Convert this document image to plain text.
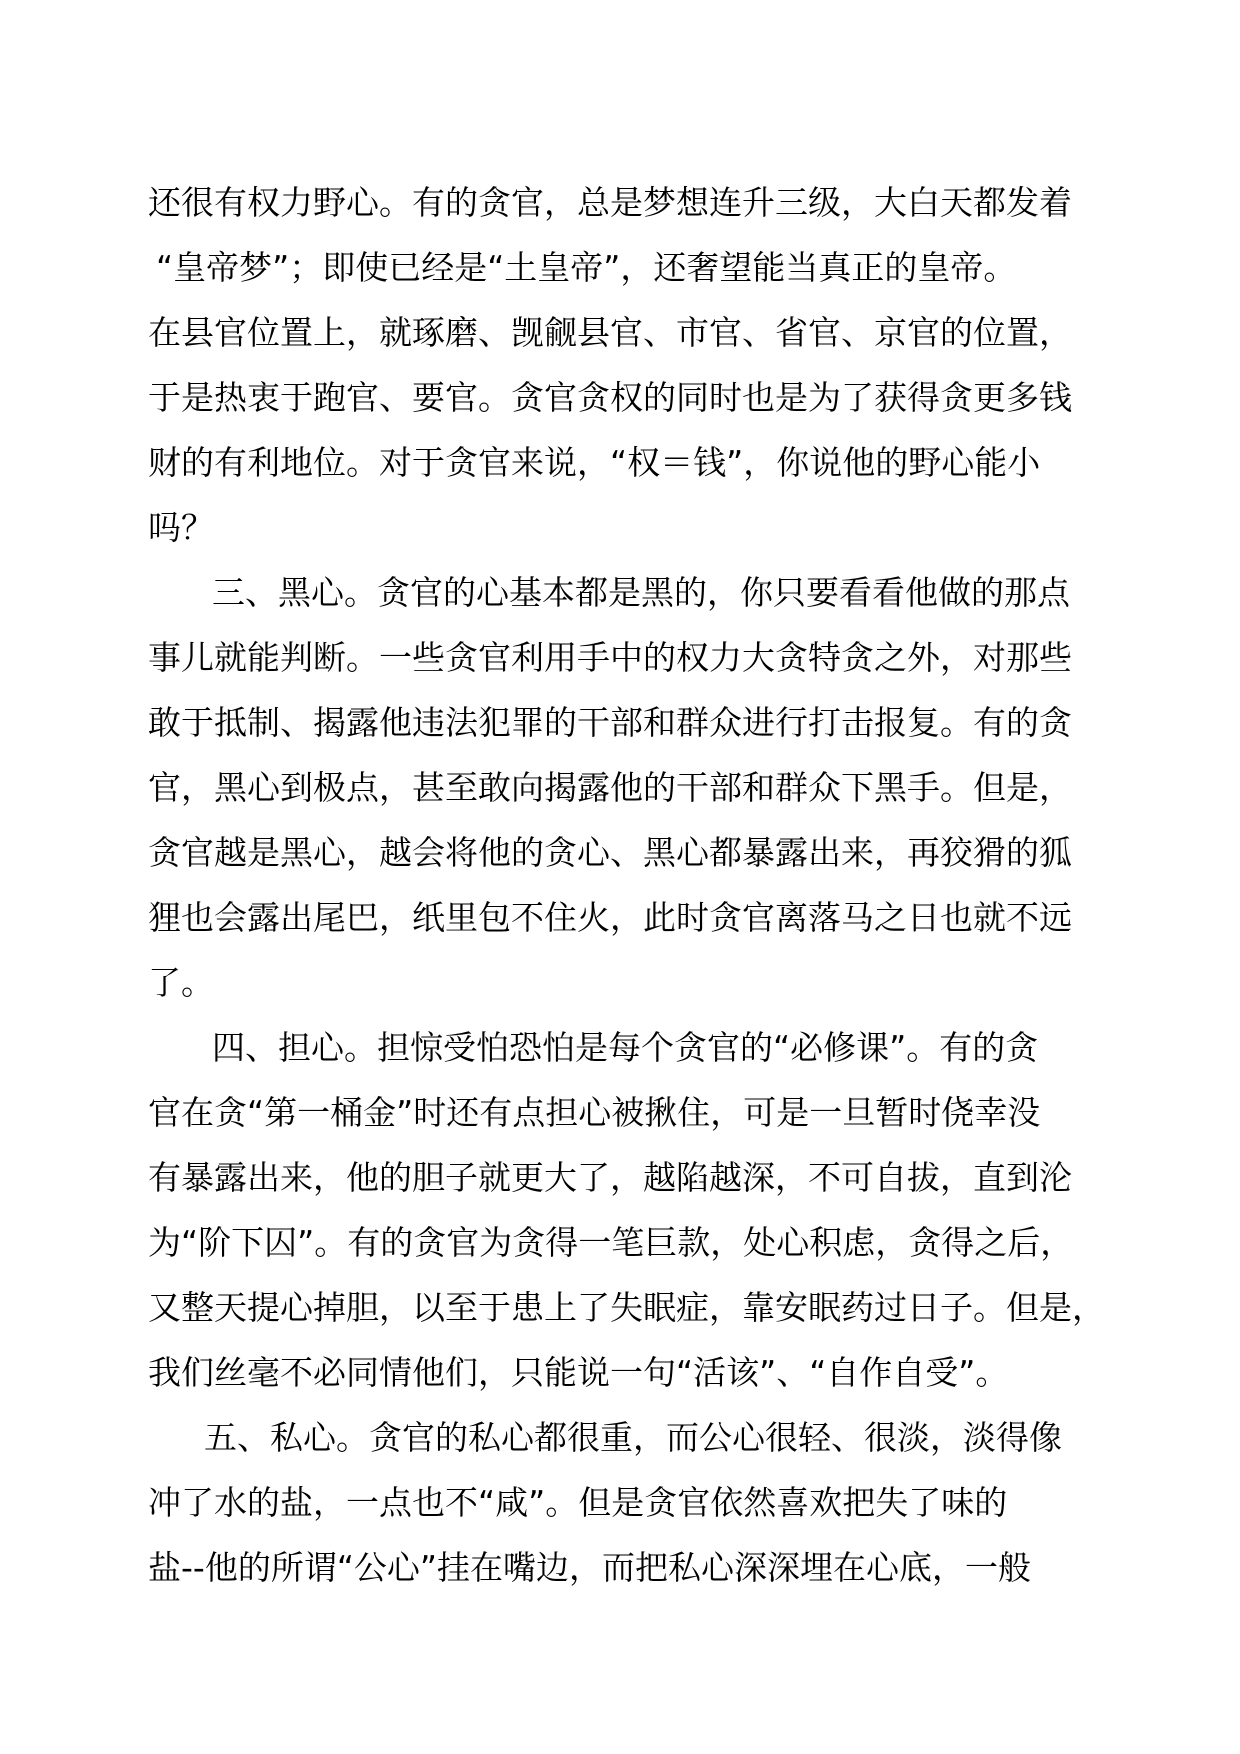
还很有权力野心。有的贪官，总是梦想连升三级，大白天都发着
“皇帝梦”；即使已经是“土皇帝”，还奢望能当真正的皇帝。
在县官位置上，就琢磨、觊觎县官、市官、省官、京官的位置，
于是热衷于跑官、要官。贪官贪权的同时也是为了获得贪更多钱
财的有利地位。对于贪官来说，“权＝钱”，你说他的野心能小
吗？
三、黑心。贪官的心基本都是黑的，你只要看看他做的那点
事儿就能判断。一些贪官利用手中的权力大贪特贪之外，对那些
敢于抵制、揭露他违法犯罪的干部和群众进行打击报复。有的贪
官，黑心到极点，甚至敢向揭露他的干部和群众下黑手。但是，
贪官越是黑心，越会将他的贪心、黑心都暴露出来，再狡猾的狐
狸也会露出尾巴，纸里包不住火，此时贪官离落马之日也就不远
了。
四、担心。担惊受怕恐怕是每个贪官的“必修课”。有的贪
官在贪“第一桶金”时还有点担心被揪住，可是一旦暂时侥幸没
有暴露出来，他的胆子就更大了，越陷越深，不可自拔，直到沦
为“阶下囚”。有的贪官为贪得一笔巨款，处心积虑，贪得之后，
又整天提心掉胆，以至于患上了失眠症，靠安眠药过日子。但是，
我们丝毫不必同情他们，只能说一句“活该”、“自作自受”。
五、私心。贪官的私心都很重，而公心很轻、很淡，淡得像
冲了水的盐，一点也不“咸”。但是贪官依然喜欢把失了味的
盐--他的所谓“公心”挂在嘴边，而把私心深深埋在心底，一般
